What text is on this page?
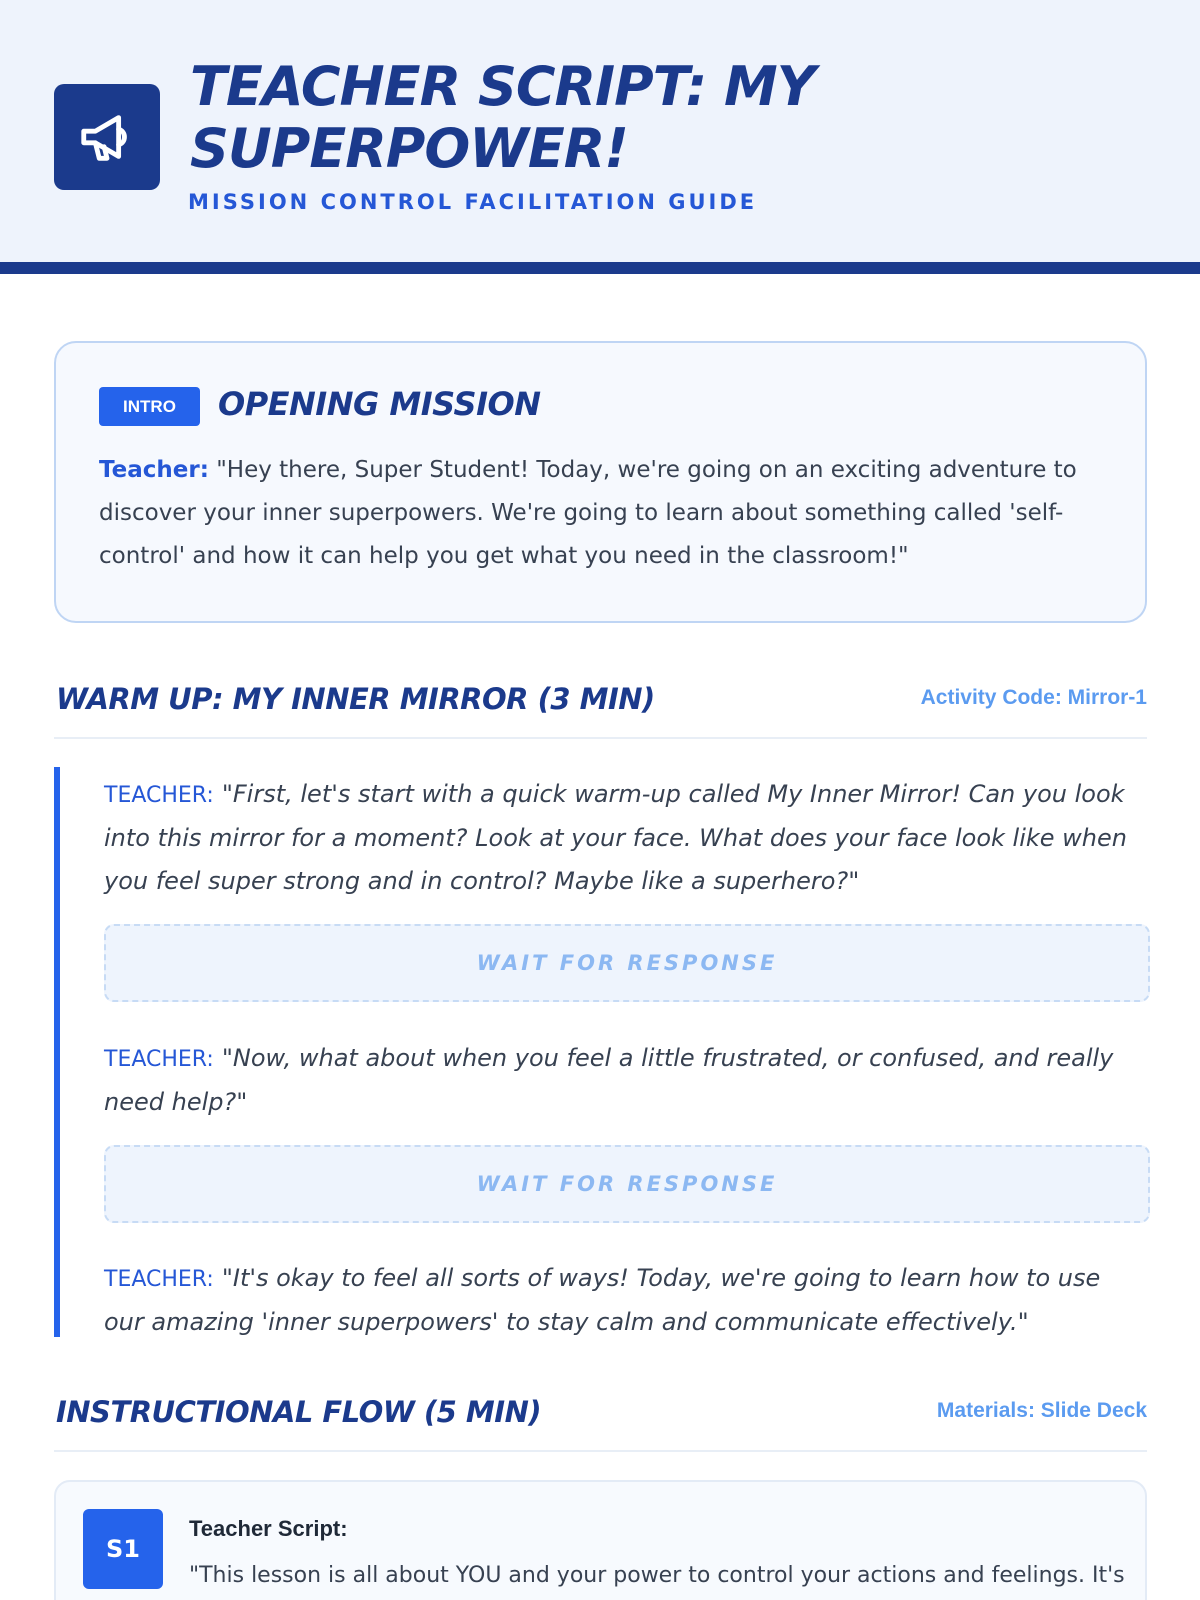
TEACHER SCRIPT: MY
SUPERPOWER!
MISSION CONTROL FACILITATION GUIDE
INTRO	OPENING MISSION

Teacher: "Hey there, Super Student! Today, we're going on an exciting adventure to discover your inner superpowers. We're going to learn about something called 'self-control' and how it can help you get what you need in the classroom!"

WARM UP: MY INNER MIRROR (3 MIN)	Activity Code: Mirror-1

TEACHER: "First, let's start with a quick warm-up called My Inner Mirror! Can you look into this mirror for a moment? Look at your face. What does your face look like when you feel super strong and in control? Maybe like a superhero?"

WAIT FOR RESPONSE

TEACHER: "Now, what about when you feel a little frustrated, or confused, and really need help?"

WAIT FOR RESPONSE

TEACHER: "It's okay to feel all sorts of ways! Today, we're going to learn how to use our amazing 'inner superpowers' to stay calm and communicate effectively."

INSTRUCTIONAL FLOW (5 MIN)	Materials: Slide Deck
S1
Teacher Script:

"This lesson is all about YOU and your power to control your actions and feelings. It's
